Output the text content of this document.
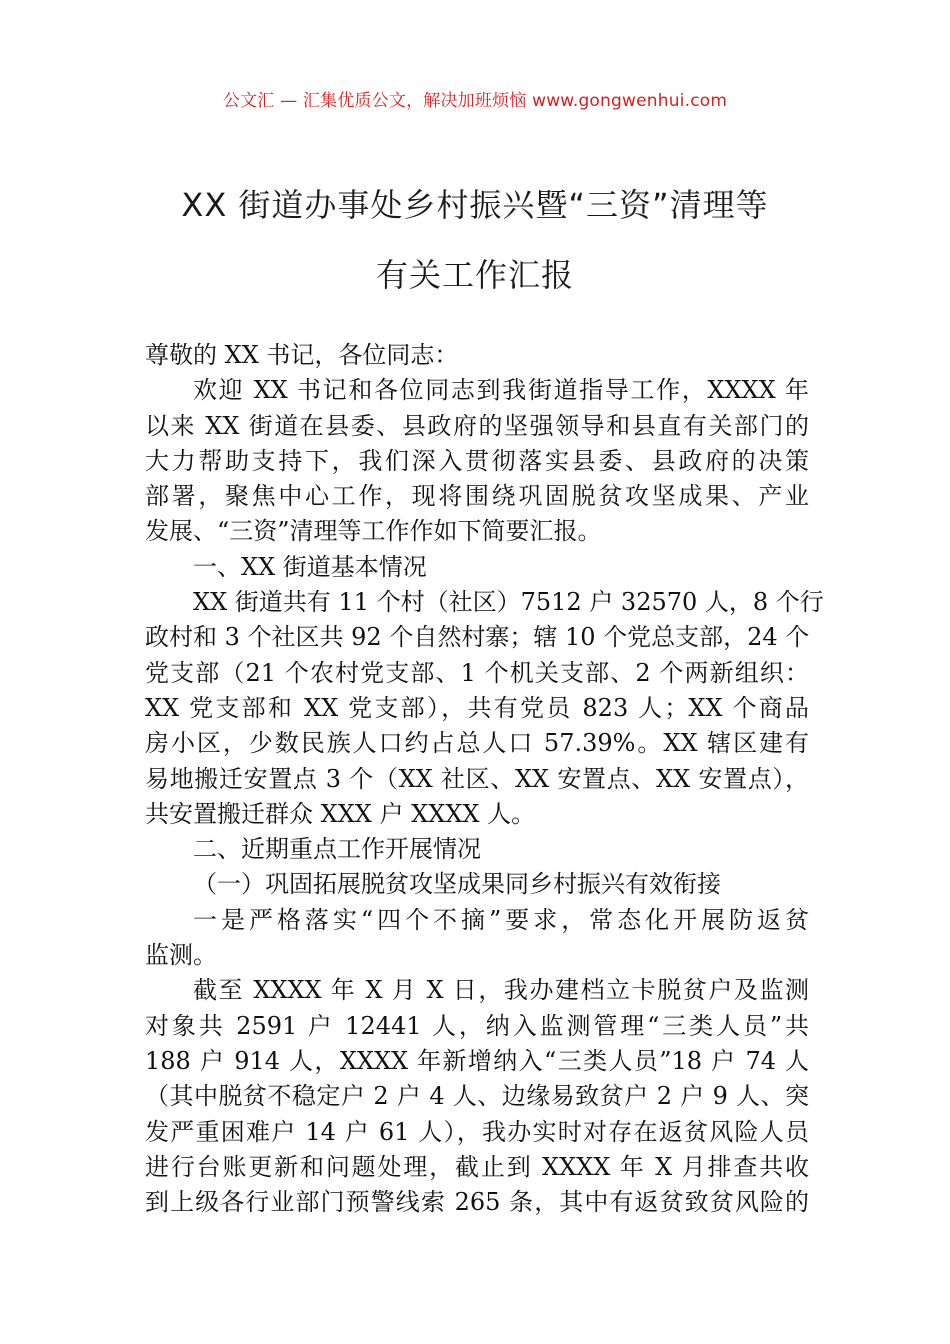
公文汇 — 汇集优质公文，解决加班烦恼 www.gongwenhui.com
XX 街道办事处乡村振兴暨“三资”清理等
有关工作汇报
尊敬的 XX 书记，各位同志：
欢迎 XX 书记和各位同志到我街道指导工作，XXXX 年
以来 XX 街道在县委、县政府的坚强领导和县直有关部门的
大力帮助支持下，我们深入贯彻落实县委、县政府的决策
部署，聚焦中心工作，现将围绕巩固脱贫攻坚成果、产业
发展、“三资”清理等工作作如下简要汇报。
一、XX 街道基本情况
XX 街道共有 11 个村（社区）7512 户 32570 人，8 个行
政村和 3 个社区共 92 个自然村寨；辖 10 个党总支部，24 个
党支部（21 个农村党支部、1 个机关支部、2 个两新组织：
XX 党支部和 XX 党支部），共有党员 823 人；XX 个商品
房小区，少数民族人口约占总人口 57.39%。XX 辖区建有
易地搬迁安置点 3 个（XX 社区、XX 安置点、XX 安置点），
共安置搬迁群众 XXX 户 XXXX 人。
二、近期重点工作开展情况
（一）巩固拓展脱贫攻坚成果同乡村振兴有效衔接
一是严格落实“四个不摘”要求，常态化开展防返贫
监测。
截至 XXXX 年 X 月 X 日，我办建档立卡脱贫户及监测
对象共 2591 户 12441 人，纳入监测管理“三类人员”共
188 户 914 人，XXXX 年新增纳入“三类人员”18 户 74 人
（其中脱贫不稳定户 2 户 4 人、边缘易致贫户 2 户 9 人、突
发严重困难户 14 户 61 人），我办实时对存在返贫风险人员
进行台账更新和问题处理，截止到 XXXX 年 X 月排查共收
到上级各行业部门预警线索 265 条，其中有返贫致贫风险的
